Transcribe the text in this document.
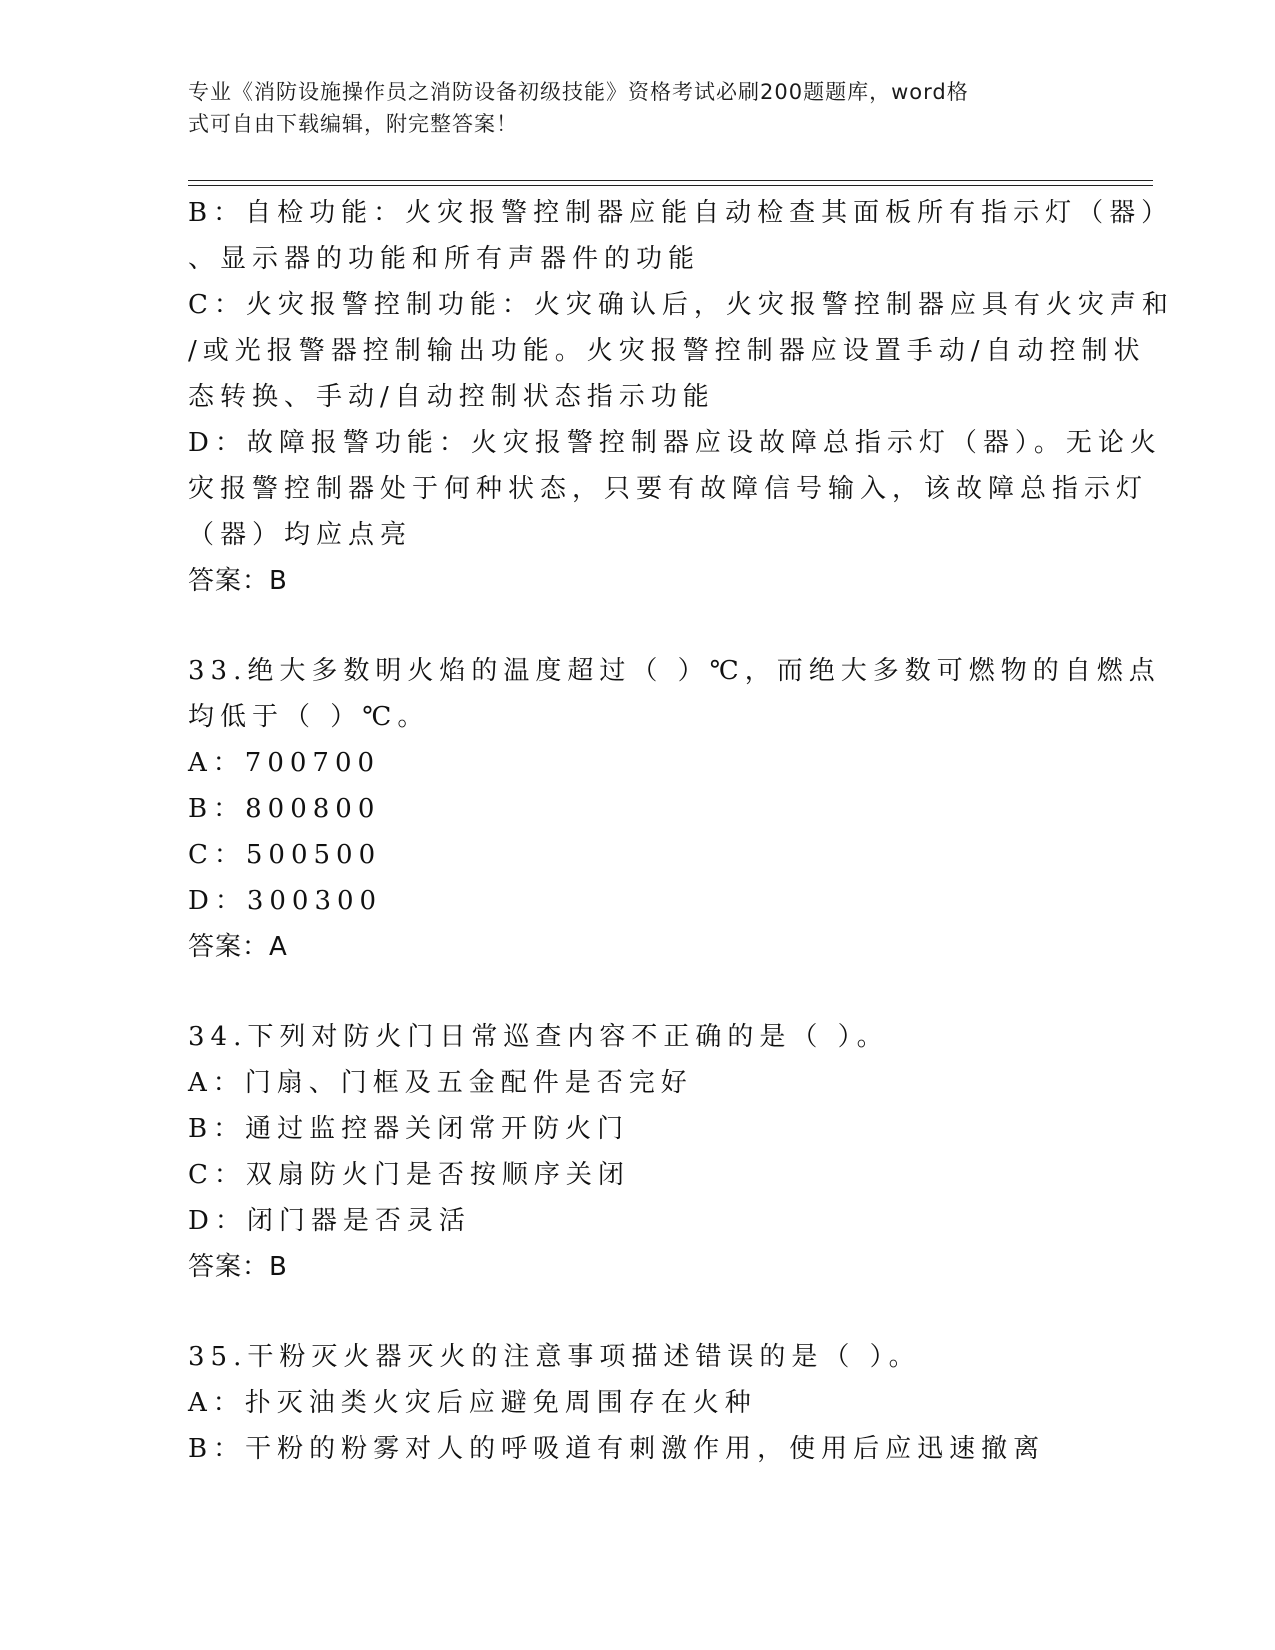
专业《消防设施操作员之消防设备初级技能》资格考试必刷200题题库，word格
式可自由下载编辑，附完整答案！
B：自检功能：火灾报警控制器应能自动检查其面板所有指示灯（器）
、显示器的功能和所有声器件的功能
C：火灾报警控制功能：火灾确认后，火灾报警控制器应具有火灾声和
/或光报警器控制输出功能。火灾报警控制器应设置手动/自动控制状
态转换、手动/自动控制状态指示功能
D：故障报警功能：火灾报警控制器应设故障总指示灯（器）。无论火
灾报警控制器处于何种状态，只要有故障信号输入，该故障总指示灯
（器）均应点亮
答案：B
33.绝大多数明火焰的温度超过（ ）℃，而绝大多数可燃物的自燃点
均低于（ ）℃。
A：700700
B：800800
C：500500
D：300300
答案：A
34.下列对防火门日常巡查内容不正确的是（ ）。
A：门扇、门框及五金配件是否完好
B：通过监控器关闭常开防火门
C：双扇防火门是否按顺序关闭
D：闭门器是否灵活
答案：B
35.干粉灭火器灭火的注意事项描述错误的是（ ）。
A：扑灭油类火灾后应避免周围存在火种
B：干粉的粉雾对人的呼吸道有刺激作用，使用后应迅速撤离
